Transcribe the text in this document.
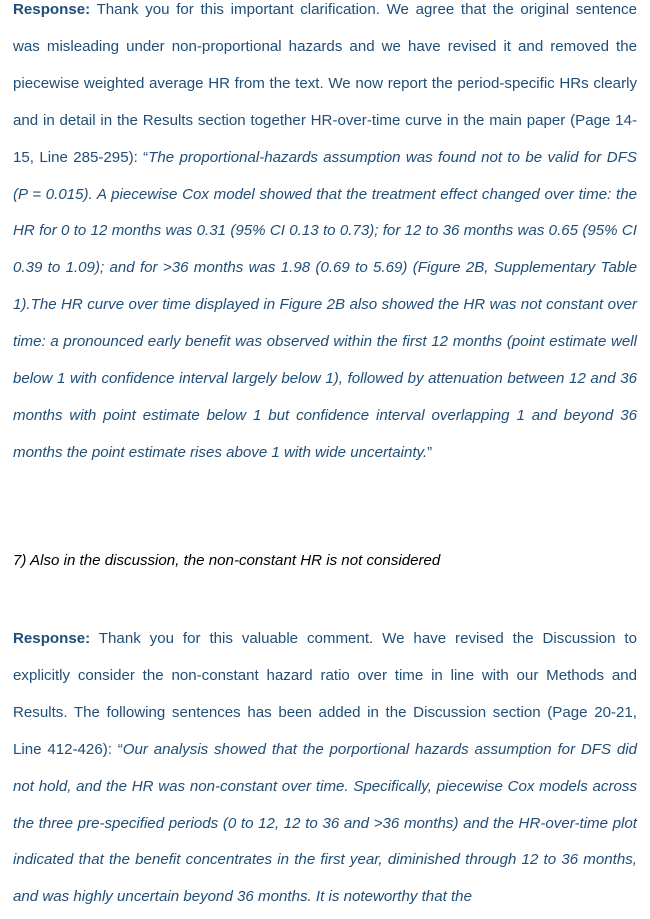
Response: Thank you for this important clarification. We agree that the original sentence was misleading under non-proportional hazards and we have revised it and removed the piecewise weighted average HR from the text. We now report the period-specific HRs clearly and in detail in the Results section together HR-over-time curve in the main paper (Page 14-15, Line 285-295): “The proportional-hazards assumption was found not to be valid for DFS (P = 0.015). A piecewise Cox model showed that the treatment effect changed over time: the HR for 0 to 12 months was 0.31 (95% CI 0.13 to 0.73); for 12 to 36 months was 0.65 (95% CI 0.39 to 1.09); and for >36 months was 1.98 (0.69 to 5.69) (Figure 2B, Supplementary Table 1).The HR curve over time displayed in Figure 2B also showed the HR was not constant over time: a pronounced early benefit was observed within the first 12 months (point estimate well below 1 with confidence interval largely below 1), followed by attenuation between 12 and 36 months with point estimate below 1 but confidence interval overlapping 1 and beyond 36 months the point estimate rises above 1 with wide uncertainty.”

7) Also in the discussion, the non-constant HR is not considered

Response: Thank you for this valuable comment. We have revised the Discussion to explicitly consider the non-constant hazard ratio over time in line with our Methods and Results. The following sentences has been added in the Discussion section (Page 20-21, Line 412-426): “Our analysis showed that the porportional hazards assumption for DFS did not hold, and the HR was non-constant over time. Specifically, piecewise Cox models across the three pre-specified periods (0 to 12, 12 to 36 and >36 months) and the HR-over-time plot indicated that the benefit concentrates in the first year, diminished through 12 to 36 months, and was highly uncertain beyond 36 months. It is noteworthy that the
